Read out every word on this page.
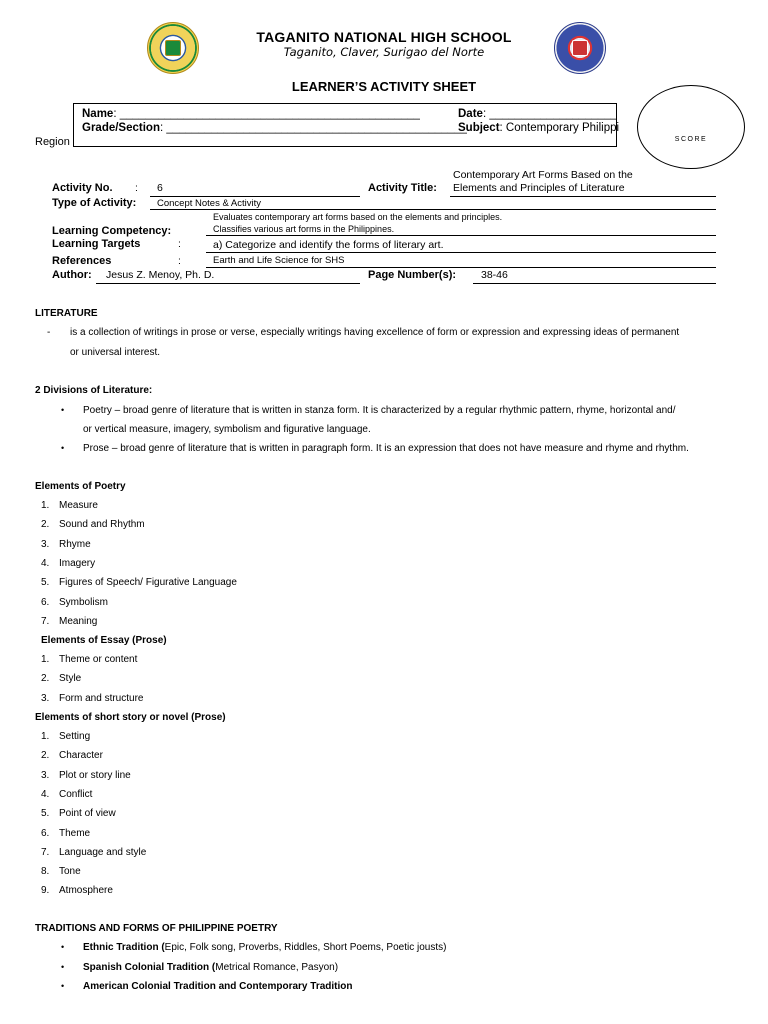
TAGANITO NATIONAL HIGH SCHOOL
Taganito, Claver, Surigao del Norte
LEARNER’S ACTIVITY SHEET
Name: _______________________________________________	Date: ____________________
Grade/Section: _______________________________________________
Subject: Contemporary Philippi
Region	SCORE
Activity No. : 6	Activity Title:
Contemporary Art Forms Based on the
Elements and Principles of Literature
Type of Activity: Concept Notes & Activity
Evaluates contemporary art forms based on the elements and principles.
Learning Competency:	Classifies various art forms in the Philippines.
Learning Targets	:	a) Categorize and identify the forms of literary art.
References	:	Earth and Life Science for SHS
Author: Jesus Z. Menoy, Ph. D.	Page Number(s): 38-46
LITERATURE
- is a collection of writings in prose or verse, especially writings having excellence of form or expression and expressing ideas of permanent
or universal interest.
2 Divisions of Literature:
• Poetry – broad genre of literature that is written in stanza form. It is characterized by a regular rhythmic pattern, rhyme, horizontal and/
or vertical measure, imagery, symbolism and figurative language.
• Prose – broad genre of literature that is written in paragraph form. It is an expression that does not have measure and rhyme and rhythm.
Elements of Poetry
1. Measure
2. Sound and Rhythm
3. Rhyme
4. Imagery
5. Figures of Speech/ Figurative Language
6. Symbolism
7. Meaning
Elements of Essay (Prose)
1. Theme or content
2. Style
3. Form and structure
Elements of short story or novel (Prose)
1. Setting
2. Character
3. Plot or story line
4. Conflict
5. Point of view
6. Theme
7. Language and style
8. Tone
9. Atmosphere
TRADITIONS AND FORMS OF PHILIPPINE POETRY
• Ethnic Tradition (Epic, Folk song, Proverbs, Riddles, Short Poems, Poetic jousts)
• Spanish Colonial Tradition (Metrical Romance, Pasyon)
• American Colonial Tradition and Contemporary Tradition
